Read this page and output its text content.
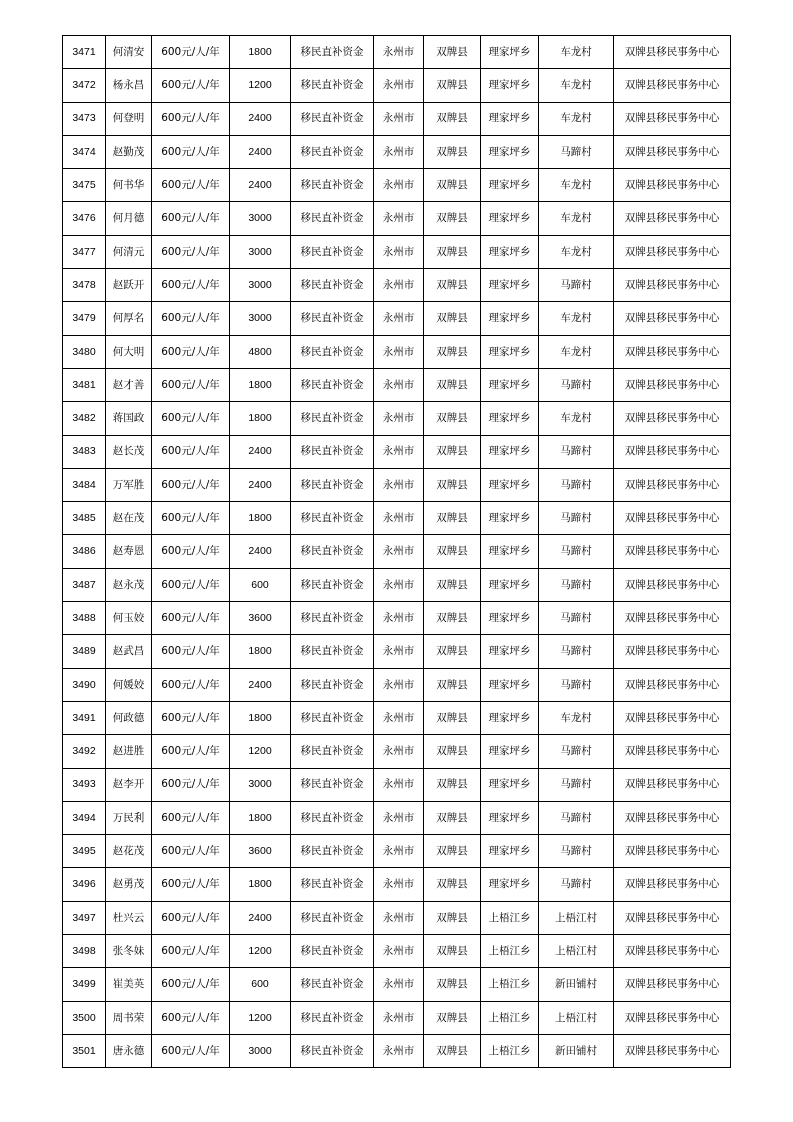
3471	何清安	600元/人/年	1800	移民直补资金	永州市	双牌县	理家坪乡	车龙村	双牌县移民事务中心
3472	杨永昌	600元/人/年	1200	移民直补资金	永州市	双牌县	理家坪乡	车龙村	双牌县移民事务中心
3473	何登明	600元/人/年	2400	移民直补资金	永州市	双牌县	理家坪乡	车龙村	双牌县移民事务中心
3474	赵勤茂	600元/人/年	2400	移民直补资金	永州市	双牌县	理家坪乡	马蹄村	双牌县移民事务中心
3475	何书华	600元/人/年	2400	移民直补资金	永州市	双牌县	理家坪乡	车龙村	双牌县移民事务中心
3476	何月德	600元/人/年	3000	移民直补资金	永州市	双牌县	理家坪乡	车龙村	双牌县移民事务中心
3477	何清元	600元/人/年	3000	移民直补资金	永州市	双牌县	理家坪乡	车龙村	双牌县移民事务中心
3478	赵跃开	600元/人/年	3000	移民直补资金	永州市	双牌县	理家坪乡	马蹄村	双牌县移民事务中心
3479	何厚名	600元/人/年	3000	移民直补资金	永州市	双牌县	理家坪乡	车龙村	双牌县移民事务中心
3480	何大明	600元/人/年	4800	移民直补资金	永州市	双牌县	理家坪乡	车龙村	双牌县移民事务中心
3481	赵才善	600元/人/年	1800	移民直补资金	永州市	双牌县	理家坪乡	马蹄村	双牌县移民事务中心
3482	蒋国政	600元/人/年	1800	移民直补资金	永州市	双牌县	理家坪乡	车龙村	双牌县移民事务中心
3483	赵长茂	600元/人/年	2400	移民直补资金	永州市	双牌县	理家坪乡	马蹄村	双牌县移民事务中心
3484	万军胜	600元/人/年	2400	移民直补资金	永州市	双牌县	理家坪乡	马蹄村	双牌县移民事务中心
3485	赵在茂	600元/人/年	1800	移民直补资金	永州市	双牌县	理家坪乡	马蹄村	双牌县移民事务中心
3486	赵寿恩	600元/人/年	2400	移民直补资金	永州市	双牌县	理家坪乡	马蹄村	双牌县移民事务中心
3487	赵永茂	600元/人/年	600	移民直补资金	永州市	双牌县	理家坪乡	马蹄村	双牌县移民事务中心
3488	何玉姣	600元/人/年	3600	移民直补资金	永州市	双牌县	理家坪乡	马蹄村	双牌县移民事务中心
3489	赵武昌	600元/人/年	1800	移民直补资金	永州市	双牌县	理家坪乡	马蹄村	双牌县移民事务中心
3490	何媛姣	600元/人/年	2400	移民直补资金	永州市	双牌县	理家坪乡	马蹄村	双牌县移民事务中心
3491	何政德	600元/人/年	1800	移民直补资金	永州市	双牌县	理家坪乡	车龙村	双牌县移民事务中心
3492	赵进胜	600元/人/年	1200	移民直补资金	永州市	双牌县	理家坪乡	马蹄村	双牌县移民事务中心
3493	赵李开	600元/人/年	3000	移民直补资金	永州市	双牌县	理家坪乡	马蹄村	双牌县移民事务中心
3494	万民利	600元/人/年	1800	移民直补资金	永州市	双牌县	理家坪乡	马蹄村	双牌县移民事务中心
3495	赵花茂	600元/人/年	3600	移民直补资金	永州市	双牌县	理家坪乡	马蹄村	双牌县移民事务中心
3496	赵勇茂	600元/人/年	1800	移民直补资金	永州市	双牌县	理家坪乡	马蹄村	双牌县移民事务中心
3497	杜兴云	600元/人/年	2400	移民直补资金	永州市	双牌县	上梧江乡	上梧江村	双牌县移民事务中心
3498	张冬妹	600元/人/年	1200	移民直补资金	永州市	双牌县	上梧江乡	上梧江村	双牌县移民事务中心
3499	崔美英	600元/人/年	600	移民直补资金	永州市	双牌县	上梧江乡	新田铺村	双牌县移民事务中心
3500	周书荣	600元/人/年	1200	移民直补资金	永州市	双牌县	上梧江乡	上梧江村	双牌县移民事务中心
3501	唐永德	600元/人/年	3000	移民直补资金	永州市	双牌县	上梧江乡	新田铺村	双牌县移民事务中心
